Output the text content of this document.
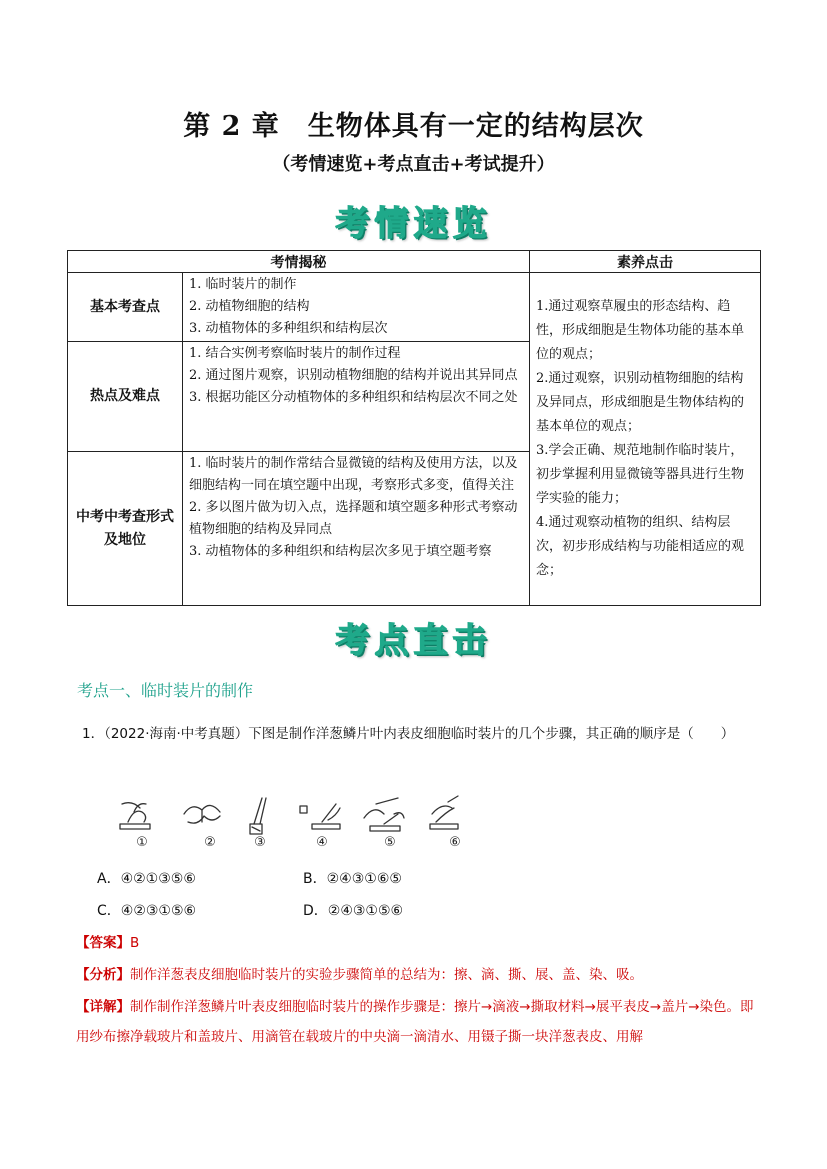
第 2 章　生物体具有一定的结构层次
（考情速览+考点直击+考试提升）
考情速览
考情揭秘		素养点击
基本考查点	1. 临时装片的制作
2. 动植物细胞的结构
3. 动植物体的多种组织和结构层次	1.通过观察草履虫的形态结构、趋性，形成细胞是生物体功能的基本单位的观点；
2.通过观察，识别动植物细胞的结构及异同点，形成细胞是生物体结构的基本单位的观点；
3.学会正确、规范地制作临时装片，初步掌握利用显微镜等器具进行生物学实验的能力；
4.通过观察动植物的组织、结构层次，初步形成结构与功能相适应的观念；

热点及难点	1. 结合实例考察临时装片的制作过程
2. 通过图片观察，识别动植物细胞的结构并说出其异同点
3. 根据功能区分动植物体的多种组织和结构层次不同之处	

中考中考查形式及地位	1. 临时装片的制作常结合显微镜的结构及使用方法，以及细胞结构一同在填空题中出现，考察形式多变，值得关注
2. 多以图片做为切入点，选择题和填空题多种形式考察动植物细胞的结构及异同点
3. 动植物体的多种组织和结构层次多见于填空题考察	
考点直击
考点一、临时装片的制作
1．（2022·海南·中考真题）下图是制作洋葱鳞片叶内表皮细胞临时装片的几个步骤，其正确的顺序是（　　）
①	②	③	④	⑤	⑥
A．④②①③⑤⑥	B．②④③①⑥⑤
C．④②③①⑤⑥	D．②④③①⑤⑥
【答案】B
【分析】制作洋葱表皮细胞临时装片的实验步骤简单的总结为：擦、滴、撕、展、盖、染、吸。
【详解】制作制作洋葱鳞片叶表皮细胞临时装片的操作步骤是：擦片→滴液→撕取材料→展平表皮→盖片→染色。即用纱布擦净载玻片和盖玻片、用滴管在载玻片的中央滴一滴清水、用镊子撕一块洋葱表皮、用解
